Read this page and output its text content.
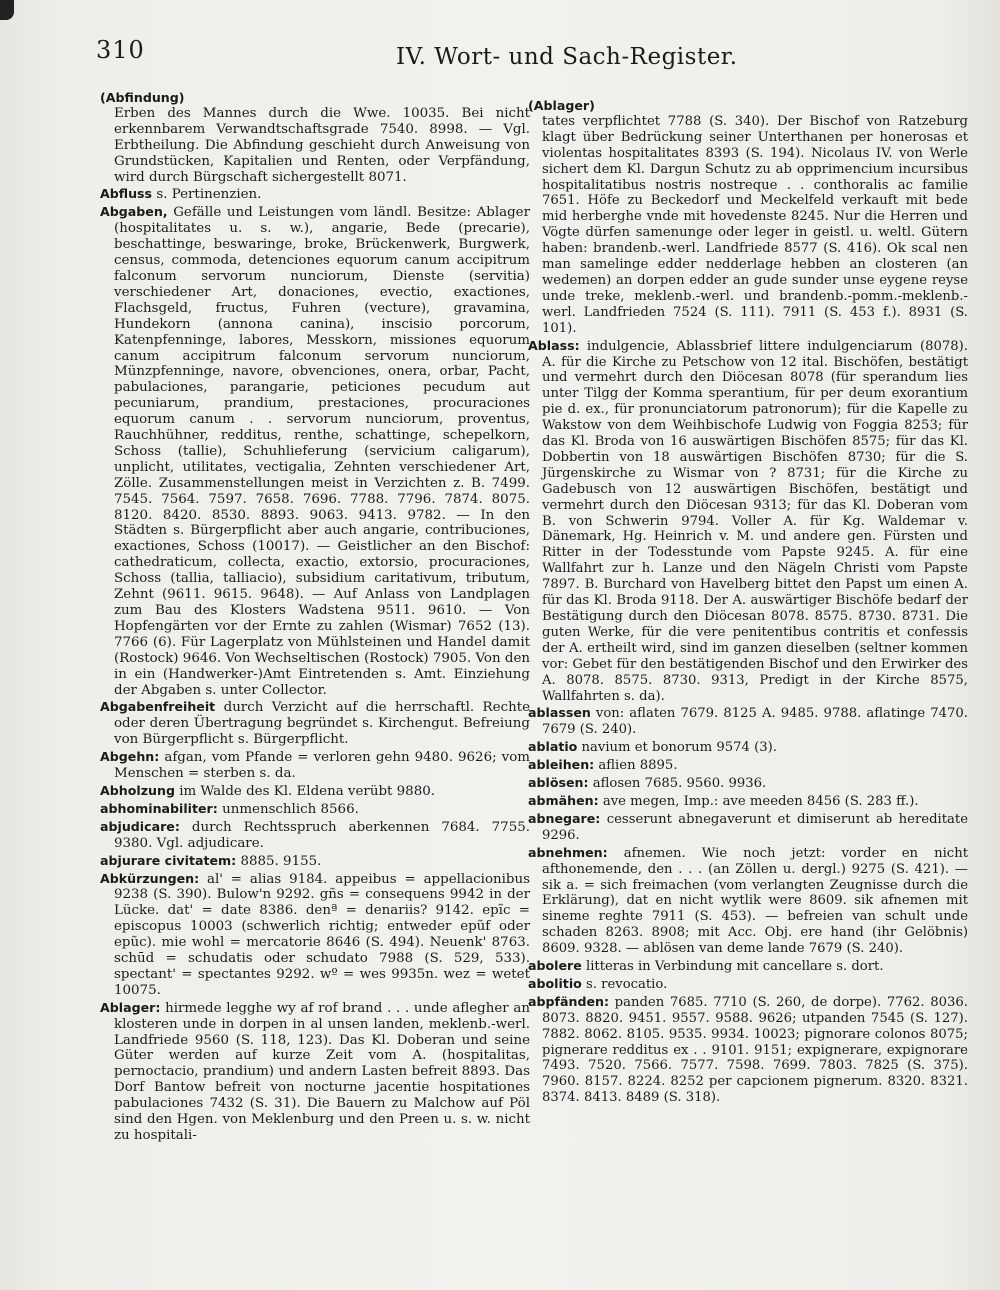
310	IV. Wort- und Sach-Register.
(Abfindung)
Erben des Mannes durch die Wwe. 10035. Bei nicht erkennbarem Verwandtschaftsgrade 7540. 8998. — Vgl. Erbtheilung. Die Abfindung geschieht durch Anweisung von Grundstücken, Kapitalien und Renten, oder Verpfändung, wird durch Bürgschaft sichergestellt 8071.
Abfluss s. Pertinenzien.
Abgaben, Gefälle und Leistungen vom ländl. Besitze: Ablager (hospitalitates u. s. w.), angarie, Bede (precarie), beschattinge, beswaringe, broke, Brückenwerk, Burgwerk, census, commoda, detenciones equorum canum accipitrum falconum servorum nunciorum, Dienste (servitia) verschiedener Art, donaciones, evectio, exactiones, Flachsgeld, fructus, Fuhren (vecture), gravamina, Hundekorn (annona canina), inscisio porcorum, Katenpfenninge, labores, Messkorn, missiones equorum canum accipitrum falconum servorum nunciorum, Münzpfenninge, navore, obvenciones, onera, orbar, Pacht, pabulaciones, parangarie, peticiones pecudum aut pecuniarum, prandium, prestaciones, procuraciones equorum canum . . servorum nunciorum, proventus, Rauchhühner, redditus, renthe, schattinge, schepelkorn, Schoss (tallie), Schuhlieferung (servicium caligarum), unplicht, utilitates, vectigalia, Zehnten verschiedener Art, Zölle. Zusammenstellungen meist in Verzichten z. B. 7499. 7545. 7564. 7597. 7658. 7696. 7788. 7796. 7874. 8075. 8120. 8420. 8530. 8893. 9063. 9413. 9782. — In den Städten s. Bürgerpflicht aber auch angarie, contribuciones, exactiones, Schoss (10017). — Geistlicher an den Bischof: cathedraticum, collecta, exactio, extorsio, procuraciones, Schoss (tallia, talliacio), subsidium caritativum, tributum, Zehnt (9611. 9615. 9648). — Auf Anlass von Landplagen zum Bau des Klosters Wadstena 9511. 9610. — Von Hopfengärten vor der Ernte zu zahlen (Wismar) 7652 (13). 7766 (6). Für Lagerplatz von Mühlsteinen und Handel damit (Rostock) 9646. Von Wechseltischen (Rostock) 7905. Von den in ein (Handwerker-)Amt Eintretenden s. Amt. Einziehung der Abgaben s. unter Collector.
Abgabenfreiheit durch Verzicht auf die herrschaftl. Rechte oder deren Übertragung begründet s. Kirchengut. Befreiung von Bürgerpflicht s. Bürgerpflicht.
Abgehn: afgan, vom Pfande = verloren gehn 9480. 9626; vom Menschen = sterben s. da.
Abholzung im Walde des Kl. Eldena verübt 9880.
abhominabiliter: unmenschlich 8566.
abjudicare: durch Rechtsspruch aberkennen 7684. 7755. 9380. Vgl. adjudicare.
abjurare civitatem: 8885. 9155.
Abkürzungen: al' = alias 9184. appeibus = appellacionibus 9238 (S. 390). Bulow'n 9292. gñs = consequens 9942 in der Lücke. dat' = date 8386. denª = denariis? 9142. epĩc = episcopus 10003 (schwerlich richtig; entweder epũf oder epũc). mie wohl = mercatorie 8646 (S. 494). Neuenk' 8763. schūd = schudatis oder schudato 7988 (S. 529, 533). spectant' = spectantes 9292. wº = wes 9935n. wez = wetet 10075.
Ablager: hirmede legghe wy af rof brand . . . unde aflegher an klosteren unde in dorpen in al unsen landen, meklenb.-werl. Landfriede 9560 (S. 118, 123). Das Kl. Doberan und seine Güter werden auf kurze Zeit vom A. (hospitalitas, pernoctacio, prandium) und andern Lasten befreit 8893. Das Dorf Bantow befreit von nocturne jacentie hospitationes pabulaciones 7432 (S. 31). Die Bauern zu Malchow auf Pöl sind den Hgen. von Meklenburg und den Preen u. s. w. nicht zu hospitali-
(Ablager)
tates verpflichtet 7788 (S. 340). Der Bischof von Ratzeburg klagt über Bedrückung seiner Unterthanen per honerosas et violentas hospitalitates 8393 (S. 194). Nicolaus IV. von Werle sichert dem Kl. Dargun Schutz zu ab opprimencium incursibus hospitalitatibus nostris nostreque . . conthoralis ac familie 7651. Höfe zu Beckedorf und Meckelfeld verkauft mit bede mid herberghe vnde mit hovedenste 8245. Nur die Herren und Vögte dürfen samenunge oder leger in geistl. u. weltl. Gütern haben: brandenb.-werl. Landfriede 8577 (S. 416). Ok scal nen man samelinge edder nedderlage hebben an closteren (an wedemen) an dorpen edder an gude sunder unse eygene reyse unde treke, meklenb.-werl. und brandenb.-pomm.-meklenb.-werl. Landfrieden 7524 (S. 111). 7911 (S. 453 f.). 8931 (S. 101).
Ablass: indulgencie, Ablassbrief littere indulgenciarum (8078). A. für die Kirche zu Petschow von 12 ital. Bischöfen, bestätigt und vermehrt durch den Diöcesan 8078 (für sperandum lies unter Tilgg der Komma sperantium, für per deum exorantium pie d. ex., für pronunciatorum patronorum); für die Kapelle zu Wakstow von dem Weihbischofe Ludwig von Foggia 8253; für das Kl. Broda von 16 auswärtigen Bischöfen 8575; für das Kl. Dobbertin von 18 auswärtigen Bischöfen 8730; für die S. Jürgenskirche zu Wismar von ? 8731; für die Kirche zu Gadebusch von 12 auswärtigen Bischöfen, bestätigt und vermehrt durch den Diöcesan 9313; für das Kl. Doberan vom B. von Schwerin 9794. Voller A. für Kg. Waldemar v. Dänemark, Hg. Heinrich v. M. und andere gen. Fürsten und Ritter in der Todesstunde vom Papste 9245. A. für eine Wallfahrt zur h. Lanze und den Nägeln Christi vom Papste 7897. B. Burchard von Havelberg bittet den Papst um einen A. für das Kl. Broda 9118. Der A. auswärtiger Bischöfe bedarf der Bestätigung durch den Diöcesan 8078. 8575. 8730. 8731. Die guten Werke, für die vere penitentibus contritis et confessis der A. ertheilt wird, sind im ganzen dieselben (seltner kommen vor: Gebet für den bestätigenden Bischof und den Erwirker des A. 8078. 8575. 8730. 9313, Predigt in der Kirche 8575, Wallfahrten s. da).
ablassen von: aflaten 7679. 8125 A. 9485. 9788. aflatinge 7470. 7679 (S. 240).
ablatio navium et bonorum 9574 (3).
ableihen: aflien 8895.
ablösen: aflosen 7685. 9560. 9936.
abmähen: ave megen, Imp.: ave meeden 8456 (S. 283 ff.).
abnegare: cesserunt abnegaverunt et dimiserunt ab hereditate 9296.
abnehmen: afnemen. Wie noch jetzt: vorder en nicht afthonemende, den . . . (an Zöllen u. dergl.) 9275 (S. 421). — sik a. = sich freimachen (vom verlangten Zeugnisse durch die Erklärung), dat en nicht wytlik were 8609. sik afnemen mit sineme reghte 7911 (S. 453). — befreien van schult unde schaden 8263. 8908; mit Acc. Obj. ere hand (ihr Gelöbnis) 8609. 9328. — ablösen van deme lande 7679 (S. 240).
abolere litteras in Verbindung mit cancellare s. dort.
abolitio s. revocatio.
abpfänden: panden 7685. 7710 (S. 260, de dorpe). 7762. 8036. 8073. 8820. 9451. 9557. 9588. 9626; utpanden 7545 (S. 127). 7882. 8062. 8105. 9535. 9934. 10023; pignorare colonos 8075; pignerare redditus ex . . 9101. 9151; expignerare, expignorare 7493. 7520. 7566. 7577. 7598. 7699. 7803. 7825 (S. 375). 7960. 8157. 8224. 8252 per capcionem pignerum. 8320. 8321. 8374. 8413. 8489 (S. 318).
